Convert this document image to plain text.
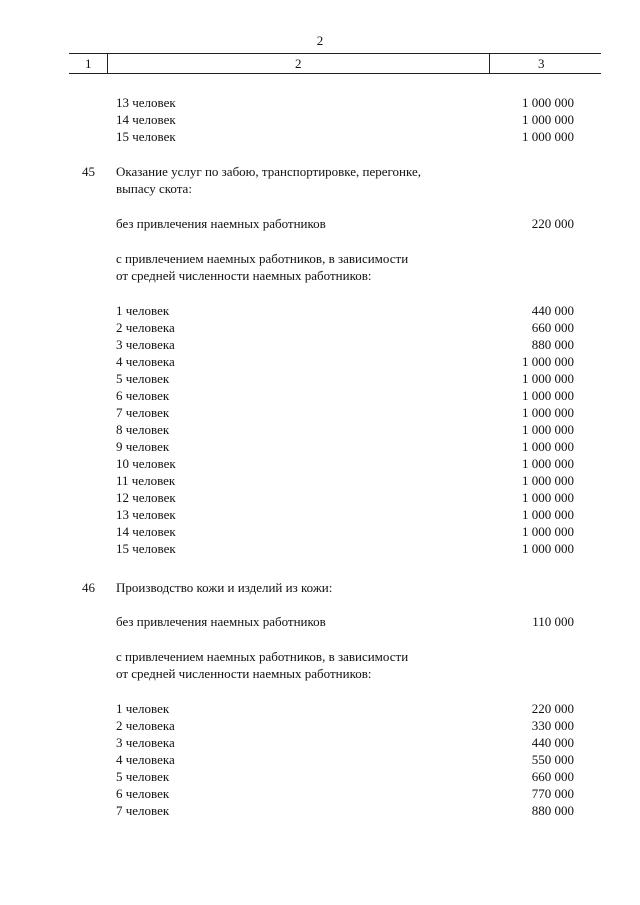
2
1	2	3
13 человек	1 000 000
14 человек	1 000 000
15 человек	1 000 000
45 Оказание услуг по забою, транспортировке, перегонке,
выпасу скота:
без привлечения наемных работников	220 000
с привлечением наемных работников, в зависимости
от средней численности наемных работников:
1 человек	440 000
2 человека	660 000
3 человека	880 000
4 человека	1 000 000
5 человек	1 000 000
6 человек	1 000 000
7 человек	1 000 000
8 человек	1 000 000
9 человек	1 000 000
10 человек	1 000 000
11 человек	1 000 000
12 человек	1 000 000
13 человек	1 000 000
14 человек	1 000 000
15 человек	1 000 000
46 Производство кожи и изделий из кожи:
без привлечения наемных работников	110 000
с привлечением наемных работников, в зависимости
от средней численности наемных работников:
1 человек	220 000
2 человека	330 000
3 человека	440 000
4 человека	550 000
5 человек	660 000
6 человек	770 000
7 человек	880 000
